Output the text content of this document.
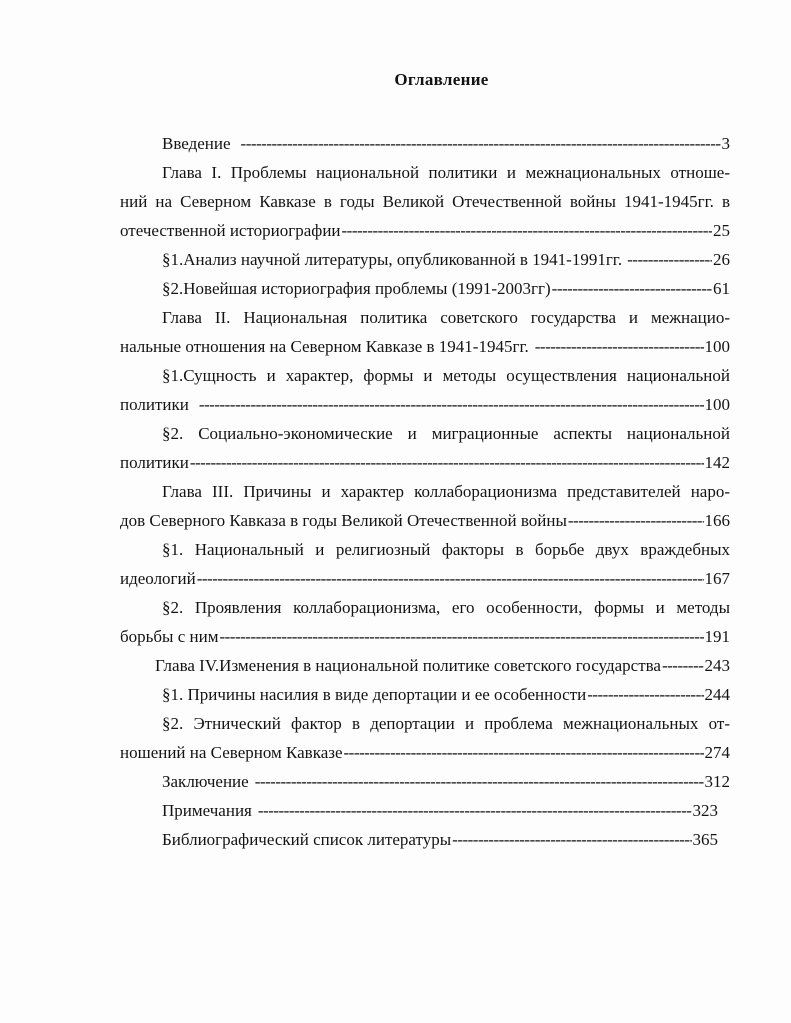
Оглавление
Введение -----	3
Глава I. Проблемы национальной политики и межнациональных отноше-
ний на Северном Кавказе в годы Великой Отечественной войны 1941-1945гг. в
отечественной историографии -----	25
§1.Анализ научной литературы, опубликованной в 1941-1991гг. -----	26
§2.Новейшая историография проблемы (1991-2003гг) -----	61
Глава II. Национальная политика советского государства и межнацио-
нальные отношения на Северном Кавказе в 1941-1945гг. -----	100
§1.Сущность и характер, формы и методы осуществления национальной
политики -----	100
§2. Социально-экономические и миграционные аспекты национальной
политики -----	142
Глава III. Причины и характер коллаборационизма представителей наро-
дов Северного Кавказа в годы Великой Отечественной войны -----	166
§1. Национальный и религиозный факторы в борьбе двух враждебных
идеологий -----	167
§2. Проявления коллаборационизма, его особенности, формы и методы
борьбы с ним -----	191
Глава IV.Изменения в национальной политике советского государства -----	243
§1. Причины насилия в виде депортации и ее особенности -----	244
§2. Этнический фактор в депортации и проблема межнациональных от-
ношений на Северном Кавказе -----	274
Заключение -----	312
Примечания -----	323
Библиографический список литературы -----	365
